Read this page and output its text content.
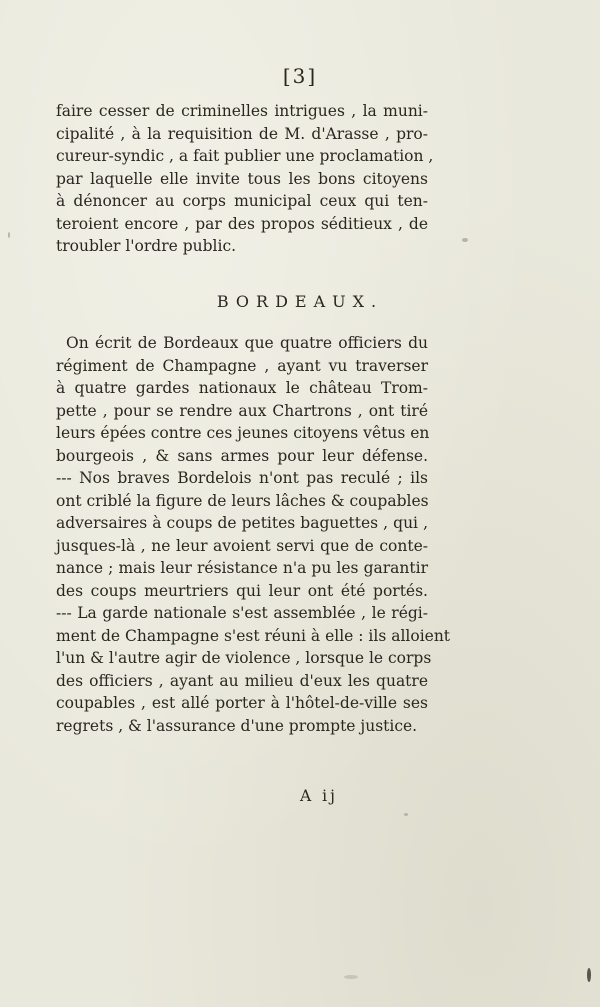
[3]
faire cesser de criminelles intrigues , la muni-
cipalité , à la requisition de M. d'Arasse , pro-
cureur-syndic , a fait publier une proclamation ,
par laquelle elle invite tous les bons citoyens
à dénoncer au corps municipal ceux qui ten-
teroient encore , par des propos séditieux , de
troubler l'ordre public.
BORDEAUX.
On écrit de Bordeaux que quatre officiers du
régiment de Champagne , ayant vu traverser
à quatre gardes nationaux le château Trom-
pette , pour se rendre aux Chartrons , ont tiré
leurs épées contre ces jeunes citoyens vêtus en
bourgeois , & sans armes pour leur défense.
--- Nos braves Bordelois n'ont pas reculé ; ils
ont criblé la figure de leurs lâches & coupables
adversaires à coups de petites baguettes , qui ,
jusques-là , ne leur avoient servi que de conte-
nance ; mais leur résistance n'a pu les garantir
des coups meurtriers qui leur ont été portés.
--- La garde nationale s'est assemblée , le régi-
ment de Champagne s'est réuni à elle : ils alloient
l'un & l'autre agir de violence , lorsque le corps
des officiers , ayant au milieu d'eux les quatre
coupables , est allé porter à l'hôtel-de-ville ses
regrets , & l'assurance d'une prompte justice.
A ij
